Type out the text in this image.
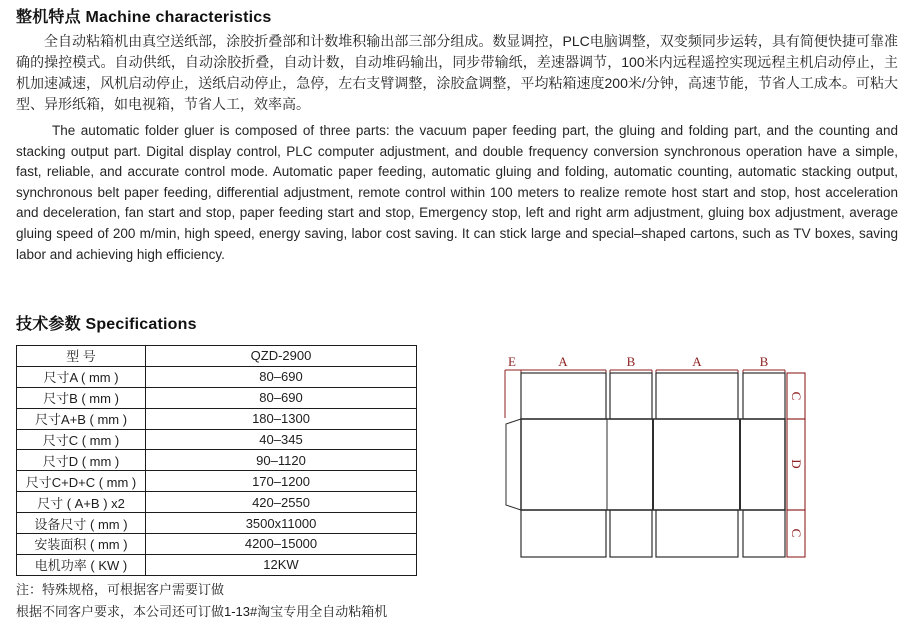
整机特点 Machine characteristics
全自动粘箱机由真空送纸部，涂胶折叠部和计数堆积输出部三部分组成。数显调控，PLC电脑调整，双变频同步运转，具有简便快捷可靠准确的操控模式。自动供纸，自动涂胶折叠，自动计数，自动堆码输出，同步带输纸，差速器调节，100米内远程遥控实现远程主机启动停止，主机加速减速，风机启动停止，送纸启动停止，急停，左右支臂调整，涂胶盒调整，平均粘箱速度200米/分钟，高速节能，节省人工成本。可粘大型、异形纸箱，如电视箱，节省人工，效率高。
The automatic folder gluer is composed of three parts: the vacuum paper feeding part, the gluing and folding part, and the counting and stacking output part. Digital display control, PLC computer adjustment, and double frequency conversion synchronous operation have a simple, fast, reliable, and accurate control mode. Automatic paper feeding, automatic gluing and folding, automatic counting, automatic stacking output, synchronous belt paper feeding, differential adjustment, remote control within 100 meters to realize remote host start and stop, host acceleration and deceleration, fan start and stop, paper feeding start and stop, Emergency stop, left and right arm adjustment, gluing box adjustment, average gluing speed of 200 m/min, high speed, energy saving, labor cost saving. It can stick large and special–shaped cartons, such as TV boxes, saving labor and achieving high efficiency.
技术参数 Specifications
型 号	QZD-2900
尺寸A ( mm )	80–690
尺寸B ( mm )	80–690
尺寸A+B ( mm )	180–1300
尺寸C ( mm )	40–345
尺寸D ( mm )	90–1120
尺寸C+D+C ( mm )	170–1200
尺寸 ( A+B ) x2	420–2550
设备尺寸 ( mm )	3500x11000
安装面积 ( mm )	4200–15000
电机功率 ( KW )	12KW
注：特殊规格，可根据客户需要订做
根据不同客户要求，本公司还可订做1-13#淘宝专用全自动粘箱机
E	A	B	A	B
C
D
C
